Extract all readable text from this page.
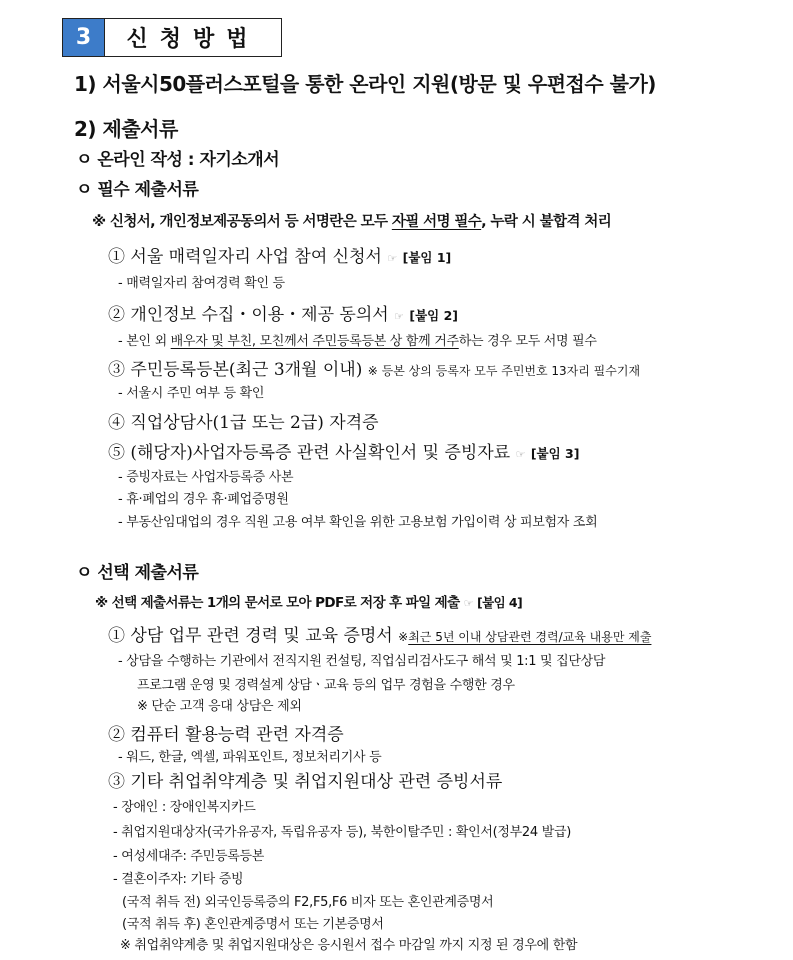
3	신청방법
1) 서울시50플러스포털을 통한 온라인 지원(방문 및 우편접수 불가)
2) 제출서류
ㅇ 온라인 작성 : 자기소개서
ㅇ 필수 제출서류
※ 신청서, 개인정보제공동의서 등 서명란은 모두 자필 서명 필수, 누락 시 불합격 처리
① 서울 매력일자리 사업 참여 신청서 ☞ [붙임 1]
- 매력일자리 참여경력 확인 등
② 개인정보 수집・이용・제공 동의서 ☞ [붙임 2]
- 본인 외 배우자 및 부친, 모친께서 주민등록등본 상 함께 거주하는 경우 모두 서명 필수
③ 주민등록등본(최근 3개월 이내) ※ 등본 상의 등록자 모두 주민번호 13자리 필수기재
- 서울시 주민 여부 등 확인
④ 직업상담사(1급 또는 2급) 자격증
⑤ (해당자)사업자등록증 관련 사실확인서 및 증빙자료 ☞ [붙임 3]
- 증빙자료는 사업자등록증 사본
- 휴·폐업의 경우 휴·폐업증명원
- 부동산임대업의 경우 직원 고용 여부 확인을 위한 고용보험 가입이력 상 피보험자 조회
ㅇ 선택 제출서류
※ 선택 제출서류는 1개의 문서로 모아 PDF로 저장 후 파일 제출 ☞ [붙임 4]
① 상담 업무 관련 경력 및 교육 증명서 ※최근 5년 이내 상담관련 경력/교육 내용만 제출
- 상담을 수행하는 기관에서 전직지원 컨설팅, 직업심리검사도구 해석 및 1:1 및 집단상담
프로그램 운영 및 경력설계 상담ㆍ교육 등의 업무 경험을 수행한 경우
※ 단순 고객 응대 상담은 제외
② 컴퓨터 활용능력 관련 자격증
- 워드, 한글, 엑셀, 파워포인트, 정보처리기사 등
③ 기타 취업취약계층 및 취업지원대상 관련 증빙서류
- 장애인 : 장애인복지카드
- 취업지원대상자(국가유공자, 독립유공자 등), 북한이탈주민 : 확인서(정부24 발급)
- 여성세대주: 주민등록등본
- 결혼이주자: 기타 증빙
(국적 취득 전) 외국인등록증의 F2,F5,F6 비자 또는 혼인관계증명서
(국적 취득 후) 혼인관계증명서 또는 기본증명서
※ 취업취약계층 및 취업지원대상은 응시원서 접수 마감일 까지 지정 된 경우에 한함
